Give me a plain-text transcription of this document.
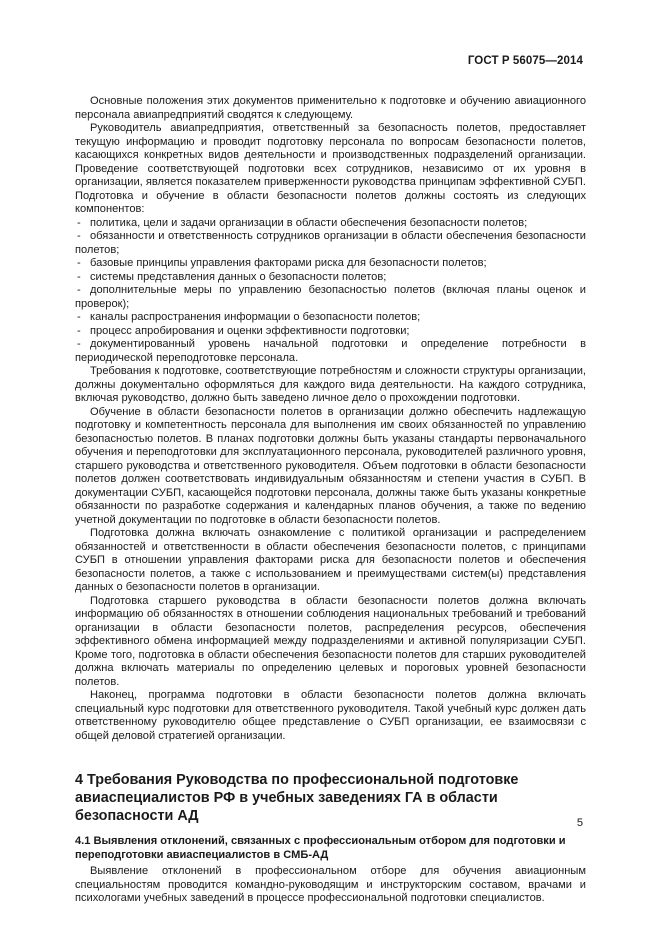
ГОСТ Р 56075—2014

Основные положения этих документов применительно к подготовке и обучению авиационного персонала авиапредприятий сводятся к следующему.

Руководитель авиапредприятия, ответственный за безопасность полетов, предоставляет текущую информацию и проводит подготовку персонала по вопросам безопасности полетов, касающихся конкретных видов деятельности и производственных подразделений организации. Проведение соответствующей подготовки всех сотрудников, независимо от их уровня в организации, является показателем приверженности руководства принципам эффективной СУБП. Подготовка и обучение в области безопасности полетов должны состоять из следующих компонентов:

- политика, цели и задачи организации в области обеспечения безопасности полетов;

- обязанности и ответственность сотрудников организации в области обеспечения безопасности полетов;

- базовые принципы управления факторами риска для безопасности полетов;

- системы представления данных о безопасности полетов;

- дополнительные меры по управлению безопасностью полетов (включая планы оценок и проверок);

- каналы распространения информации о безопасности полетов;

- процесс апробирования и оценки эффективности подготовки;

- документированный уровень начальной подготовки и определение потребности в периодической переподготовке персонала.

Требования к подготовке, соответствующие потребностям и сложности структуры организации, должны документально оформляться для каждого вида деятельности. На каждого сотрудника, включая руководство, должно быть заведено личное дело о прохождении подготовки.

Обучение в области безопасности полетов в организации должно обеспечить надлежащую подготовку и компетентность персонала для выполнения им своих обязанностей по управлению безопасностью полетов. В планах подготовки должны быть указаны стандарты первоначального обучения и переподготовки для эксплуатационного персонала, руководителей различного уровня, старшего руководства и ответственного руководителя. Объем подготовки в области безопасности полетов должен соответствовать индивидуальным обязанностям и степени участия в СУБП. В документации СУБП, касающейся подготовки персонала, должны также быть указаны конкретные обязанности по разработке содержания и календарных планов обучения, а также по ведению учетной документации по подготовке в области безопасности полетов.

Подготовка должна включать ознакомление с политикой организации и распределением обязанностей и ответственности в области обеспечения безопасности полетов, с принципами СУБП в отношении управления факторами риска для безопасности полетов и обеспечения безопасности полетов, а также с использованием и преимуществами систем(ы) представления данных о безопасности полетов в организации.

Подготовка старшего руководства в области безопасности полетов должна включать информацию об обязанностях в отношении соблюдения национальных требований и требований организации в области безопасности полетов, распределения ресурсов, обеспечения эффективного обмена информацией между подразделениями и активной популяризации СУБП. Кроме того, подготовка в области обеспечения безопасности полетов для старших руководителей должна включать материалы по определению целевых и пороговых уровней безопасности полетов.

Наконец, программа подготовки в области безопасности полетов должна включать специальный курс подготовки для ответственного руководителя. Такой учебный курс должен дать ответственному руководителю общее представление о СУБП организации, ее взаимосвязи с общей деловой стратегией организации.

4 Требования Руководства по профессиональной подготовке авиаспециалистов РФ в учебных заведениях ГА в области безопасности АД
4.1 Выявления отклонений, связанных с профессиональным отбором для подготовки и переподготовки авиаспециалистов в СМБ-АД

Выявление отклонений в профессиональном отборе для обучения авиационным специальностям проводится командно-руководящим и инструкторским составом, врачами и психологами учебных заведений в процессе профессиональной подготовки специалистов.

5
